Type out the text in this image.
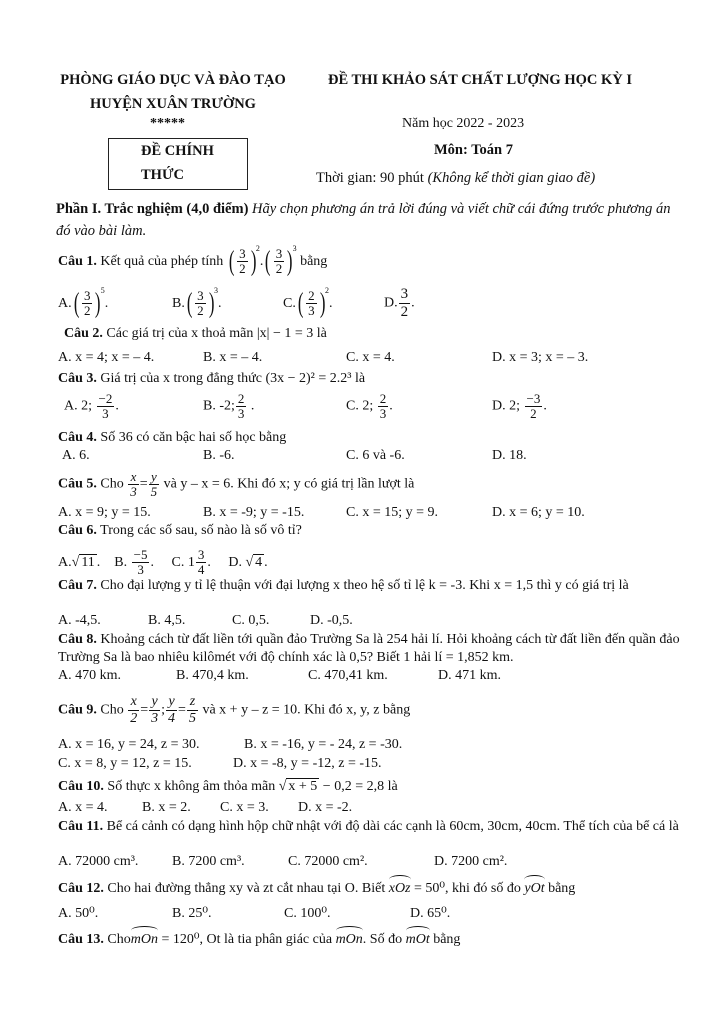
PHÒNG GIÁO DỤC VÀ ĐÀO TẠO HUYỆN XUÂN TRƯỜNG
ĐỀ THI KHẢO SÁT CHẤT LƯỢNG HỌC KỲ I
*****	Năm học 2022 - 2023
ĐỀ CHÍNH THỨC
Môn: Toán 7
Thời gian: 90 phút (Không kể thời gian giao đề)
Phần I. Trắc nghiệm (4,0 điểm) Hãy chọn phương án trả lời đúng và viết chữ cái đứng trước phương án đó vào bài làm.
Câu 1. Kết quả của phép tính ( $\frac{3}{2} )^2.( \frac{3}{2} )^3$ bằng
$A.( \frac{3}{2} )^5$.	$B.( \frac{3}{2} )^3$.	$C.( \frac{2}{3} )^2$.	D. $\frac{3}{2}$ .
Câu 2. Các giá trị của x thoả mãn |x| − 1 = 3 là
A. x = 4; x = – 4.	B. x = – 4.	C. x = 4.	D. x = 3; x = – 3.
Câu 3. Giá trị của x trong đẳng thức (3x − 2)² = 2.2³ là
A. 2; $\frac{-2}{3}$ .	B. -2; $\frac{2}{3}$ .	C. 2; $\frac{2}{3}$ .	D. 2; $\frac{-3}{2}$ .
Câu 4. Số 36 có căn bậc hai số học bằng
A. 6.	B. -6.	C. 6 và -6.	D. 18.
Câu 5. Cho $\frac{x}{3} = \frac{y}{5}$ và y – x = 6. Khi đó x; y có giá trị lần lượt là
A. x = 9; y = 15.	B. x = -9; y = -15.	C. x = 15; y = 9.	D. x = 6; y = 10.
Câu 6. Trong các số sau, số nào là số vô tỉ?
A.√ 11 . B. $\frac{-5}{3}$ . C. $1 \frac{3}{4}$ . D. √ 4 .
Câu 7. Cho đại lượng y tỉ lệ thuận với đại lượng x theo hệ số tỉ lệ k = -3. Khi x = 1,5 thì y có giá trị là
A. -4,5.	B. 4,5.	C. 0,5.	D. -0,5.
Câu 8. Khoảng cách từ đất liền tới quần đảo Trường Sa là 254 hải lí. Hỏi khoảng cách từ đất liền đến quần đảo Trường Sa là bao nhiêu kilômét với độ chính xác là 0,5? Biết 1 hải lí = 1,852 km.
A. 470 km.	B. 470,4 km.	C. 470,41 km.	D. 471 km.
Câu 9. Cho $\frac{x}{2} = \frac{y}{3}$ ; $\frac{y}{4} = \frac{z}{5}$ và x + y – z = 10. Khi đó x, y, z bằng
A. x = 16, y = 24, z = 30.	B. x = -16, y = - 24, z = -30.
C. x = 8, y = 12, z = 15.	D. x = -8, y = -12, z = -15.
Câu 10. Số thực x không âm thỏa mãn √ x + 5 − 0,2 = 2,8 là
A. x = 4. B. x = 2. C. x = 3. D. x = -2.
Câu 11. Bể cá cảnh có dạng hình hộp chữ nhật với độ dài các cạnh là 60cm, 30cm, 40cm. Thể tích của bể cá là
A. 72000 cm³. B. 7200 cm³.	C. 72000 cm².	D. 7200 cm².
Câu 12. Cho hai đường thẳng xy và zt cắt nhau tại O. Biết xOz = 50⁰, khi đó số đo yOt bằng
A. 50⁰.	B. 25⁰.	C. 100⁰.	D. 65⁰.
Câu 13. ChomOn = 120⁰, Ot là tia phân giác của mOn. Số đo mOt bằng
